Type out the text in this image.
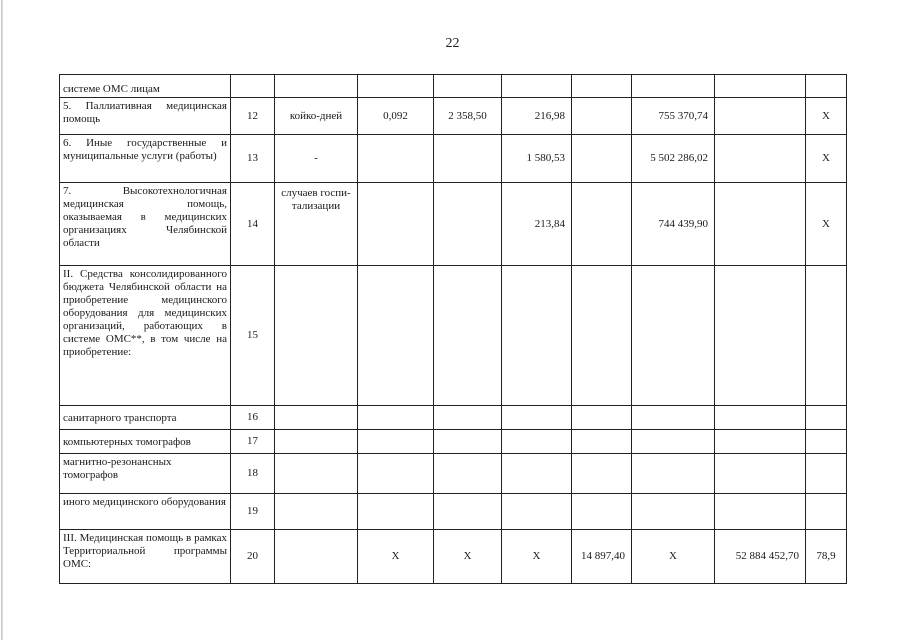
22
системе ОМС лицам									
5. Паллиативная медицинская помощь	12	койко-дней	0,092	2 358,50	216,98		755 370,74		X
6. Иные государственные и муниципальные услуги (работы)	13	-			1 580,53		5 502 286,02		X
7. Высокотехнологичная медицинская помощь, оказываемая в медицинских организациях Челябинской области	14	случаев госпи-тализации			213,84		744 439,90		X
II. Средства консолидированного бюджета Челябинской области на приобретение медицинского оборудования для медицинских организаций, работающих в системе ОМС**, в том числе на приобретение:	15								
санитарного транспорта	16								
компьютерных томографов	17								
магнитно-резонансных томографов	18								
иного медицинского оборудования	19								
III. Медицинская помощь в рамках Территориальной программы ОМС:	20		X	X	X	14 897,40	X	52 884 452,70	78,9
